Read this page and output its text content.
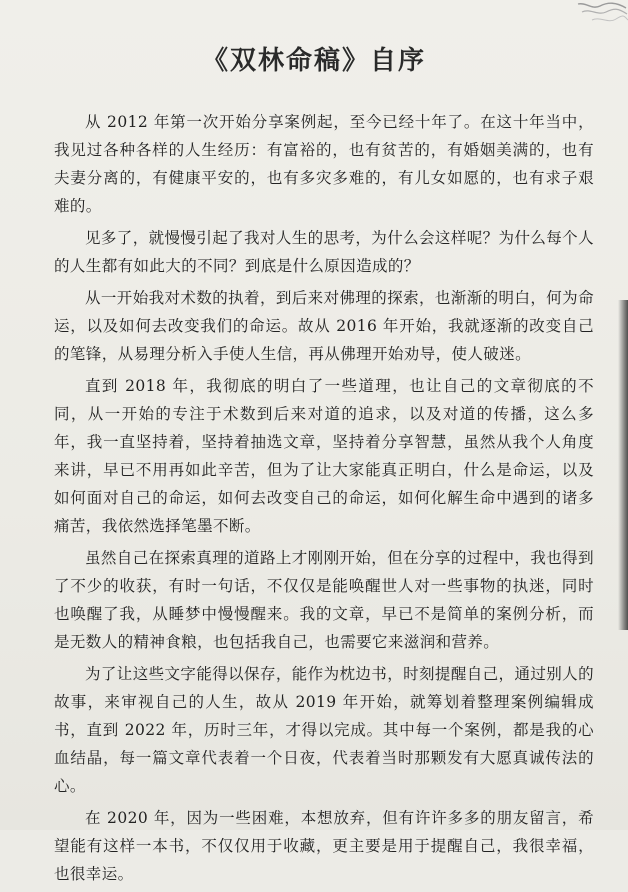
《双林命稿》自序

从 2012 年第一次开始分享案例起，至今已经十年了。在这十年当中，我见过各种各样的人生经历：有富裕的，也有贫苦的，有婚姻美满的，也有夫妻分离的，有健康平安的，也有多灾多难的，有儿女如愿的，也有求子艰难的。

见多了，就慢慢引起了我对人生的思考，为什么会这样呢？为什么每个人的人生都有如此大的不同？到底是什么原因造成的？

从一开始我对术数的执着，到后来对佛理的探索，也渐渐的明白，何为命运，以及如何去改变我们的命运。故从 2016 年开始，我就逐渐的改变自己的笔锋，从易理分析入手使人生信，再从佛理开始劝导，使人破迷。

直到 2018 年，我彻底的明白了一些道理，也让自己的文章彻底的不同，从一开始的专注于术数到后来对道的追求，以及对道的传播，这么多年，我一直坚持着，坚持着抽选文章，坚持着分享智慧，虽然从我个人角度来讲，早已不用再如此辛苦，但为了让大家能真正明白，什么是命运，以及如何面对自己的命运，如何去改变自己的命运，如何化解生命中遇到的诸多痛苦，我依然选择笔墨不断。

虽然自己在探索真理的道路上才刚刚开始，但在分享的过程中，我也得到了不少的收获，有时一句话，不仅仅是能唤醒世人对一些事物的执迷，同时也唤醒了我，从睡梦中慢慢醒来。我的文章，早已不是简单的案例分析，而是无数人的精神食粮，也包括我自己，也需要它来滋润和营养。

为了让这些文字能得以保存，能作为枕边书，时刻提醒自己，通过别人的故事，来审视自己的人生，故从 2019 年开始，就筹划着整理案例编辑成书，直到 2022 年，历时三年，才得以完成。其中每一个案例，都是我的心血结晶，每一篇文章代表着一个日夜，代表着当时那颗发有大愿真诚传法的心。

在 2020 年，因为一些困难，本想放弃，但有许许多多的朋友留言，希望能有这样一本书，不仅仅用于收藏，更主要是用于提醒自己，我很幸福，也很幸运。
